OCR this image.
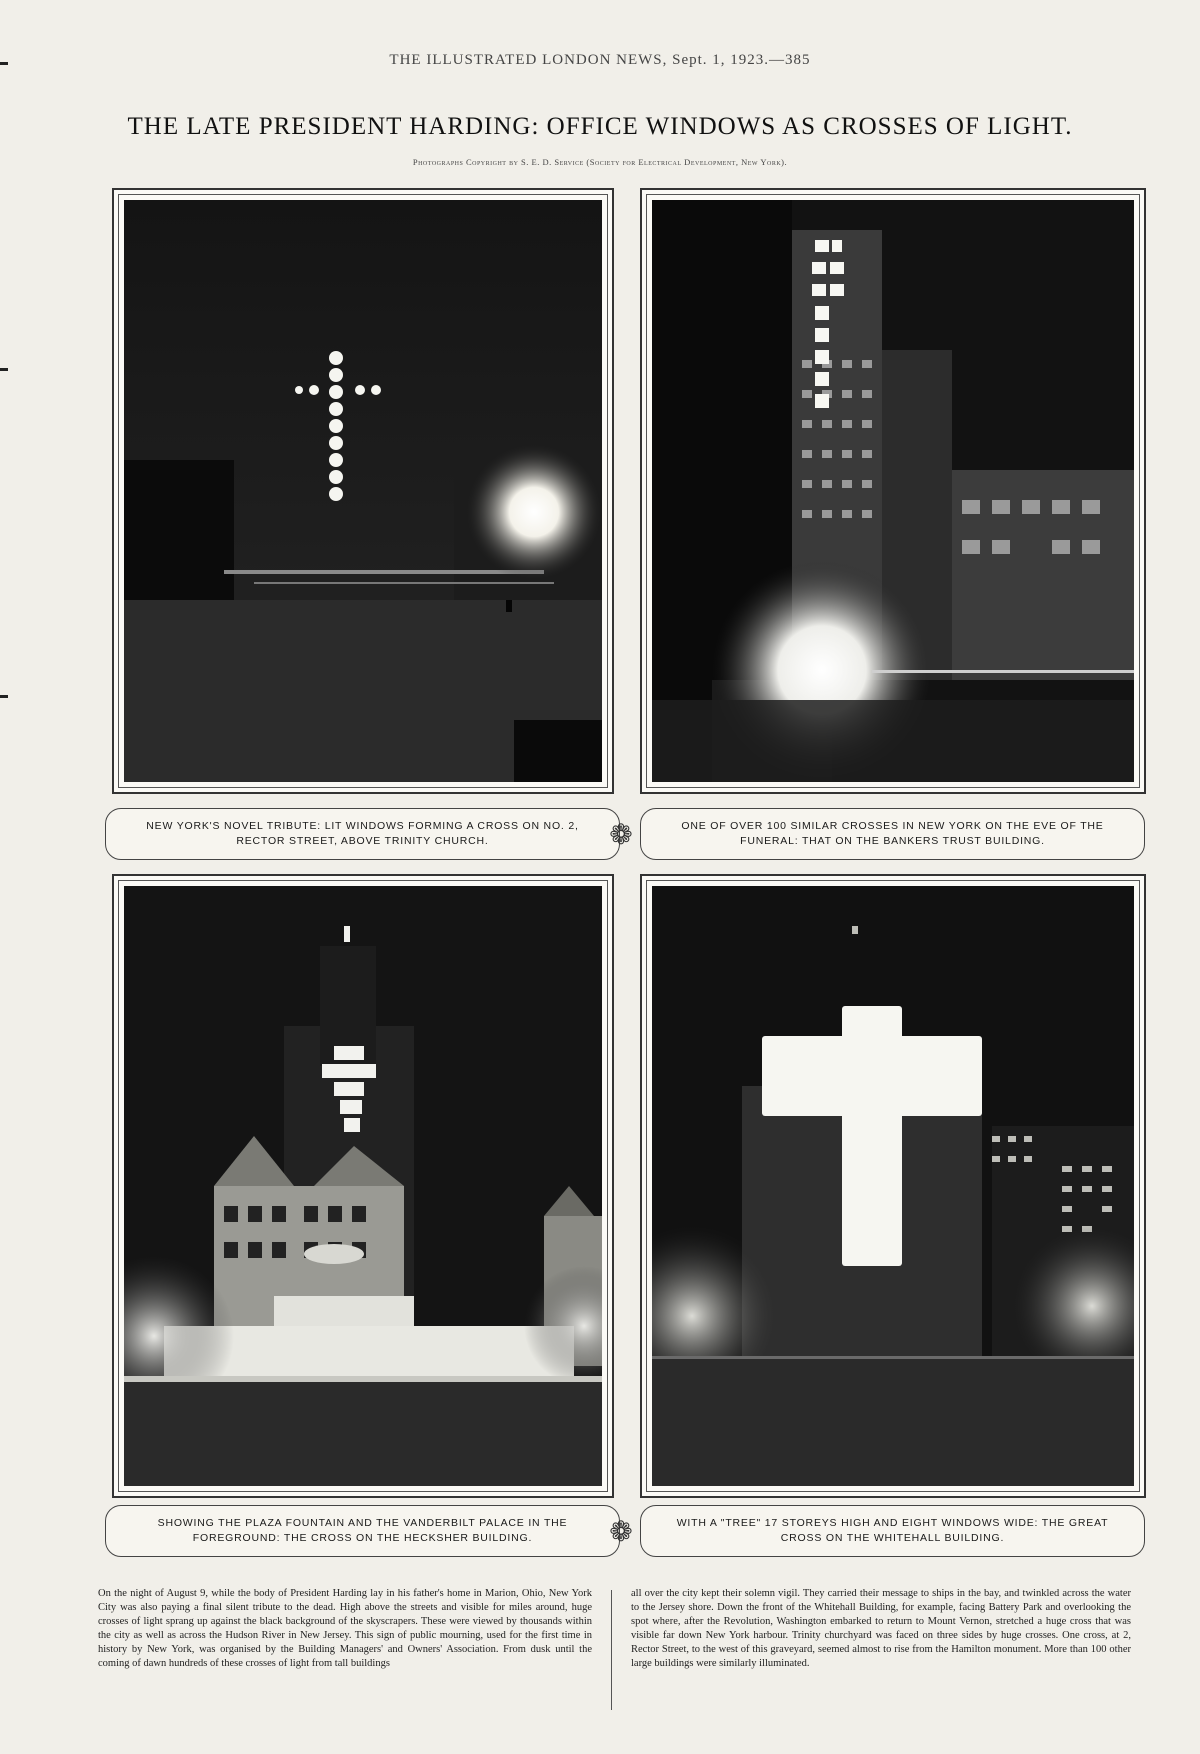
THE ILLUSTRATED LONDON NEWS, Sept. 1, 1923.—385
THE LATE PRESIDENT HARDING: OFFICE WINDOWS AS CROSSES OF LIGHT.
Photographs Copyright by S. E. D. Service (Society for Electrical Development, New York).
NEW YORK'S NOVEL TRIBUTE: LIT WINDOWS FORMING A CROSS ON NO. 2, RECTOR STREET, ABOVE TRINITY CHURCH.	❁	ONE OF OVER 100 SIMILAR CROSSES IN NEW YORK ON THE EVE OF THE FUNERAL: THAT ON THE BANKERS TRUST BUILDING.
SHOWING THE PLAZA FOUNTAIN AND THE VANDERBILT PALACE IN THE FOREGROUND: THE CROSS ON THE HECKSHER BUILDING.	❁	WITH A "TREE" 17 STOREYS HIGH AND EIGHT WINDOWS WIDE: THE GREAT CROSS ON THE WHITEHALL BUILDING.
On the night of August 9, while the body of President Harding lay in his father's home in Marion, Ohio, New York City was also paying a final silent tribute to the dead. High above the streets and visible for miles around, huge crosses of light sprang up against the black background of the skyscrapers. These were viewed by thousands within the city as well as across the Hudson River in New Jersey. This sign of public mourning, used for the first time in history by New York, was organised by the Building Managers' and Owners' Association. From dusk until the coming of dawn hundreds of these crosses of light from tall buildings
all over the city kept their solemn vigil. They carried their message to ships in the bay, and twinkled across the water to the Jersey shore. Down the front of the Whitehall Building, for example, facing Battery Park and overlooking the spot where, after the Revolution, Washington embarked to return to Mount Vernon, stretched a huge cross that was visible far down New York harbour. Trinity churchyard was faced on three sides by huge crosses. One cross, at 2, Rector Street, to the west of this graveyard, seemed almost to rise from the Hamilton monument. More than 100 other large buildings were similarly illuminated.
